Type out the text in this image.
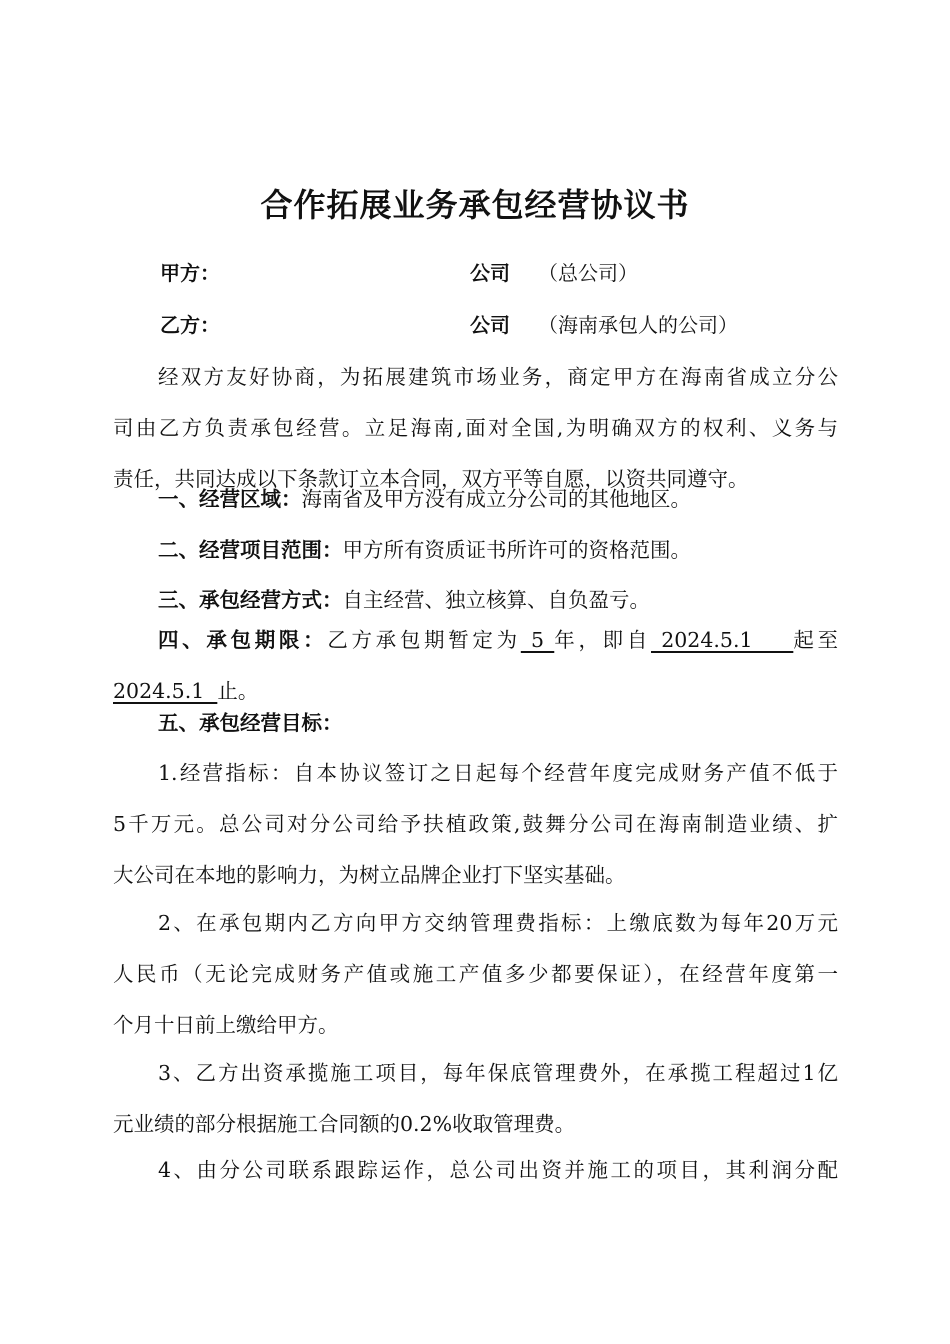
合作拓展业务承包经营协议书
甲方：	公司 （总公司）
乙方：	公司 （海南承包人的公司）
经双方友好协商，为拓展建筑市场业务，商定甲方在海南省成立分公
司由乙方负责承包经营。立足海南,面对全国,为明确双方的权利、义务与
责任，共同达成以下条款订立本合同，双方平等自愿，以资共同遵守。
一、经营区域：海南省及甲方没有成立分公司的其他地区。
二、经营项目范围：甲方所有资质证书所许可的资格范围。
三、承包经营方式：自主经营、独立核算、自负盈亏。
四、承包期限：乙方承包期暂定为 5 年，即自 2024.5.1    起至
2024.5.1  止。
五、承包经营目标：
1.经营指标：自本协议签订之日起每个经营年度完成财务产值不低于
5千万元。总公司对分公司给予扶植政策,鼓舞分公司在海南制造业绩、扩
大公司在本地的影响力，为树立品牌企业打下坚实基础。
2、在承包期内乙方向甲方交纳管理费指标：上缴底数为每年20万元
人民币（无论完成财务产值或施工产值多少都要保证），在经营年度第一
个月十日前上缴给甲方。
3、乙方出资承揽施工项目，每年保底管理费外，在承揽工程超过1亿
元业绩的部分根据施工合同额的0.2%收取管理费。
4、由分公司联系跟踪运作，总公司出资并施工的项目，其利润分配
